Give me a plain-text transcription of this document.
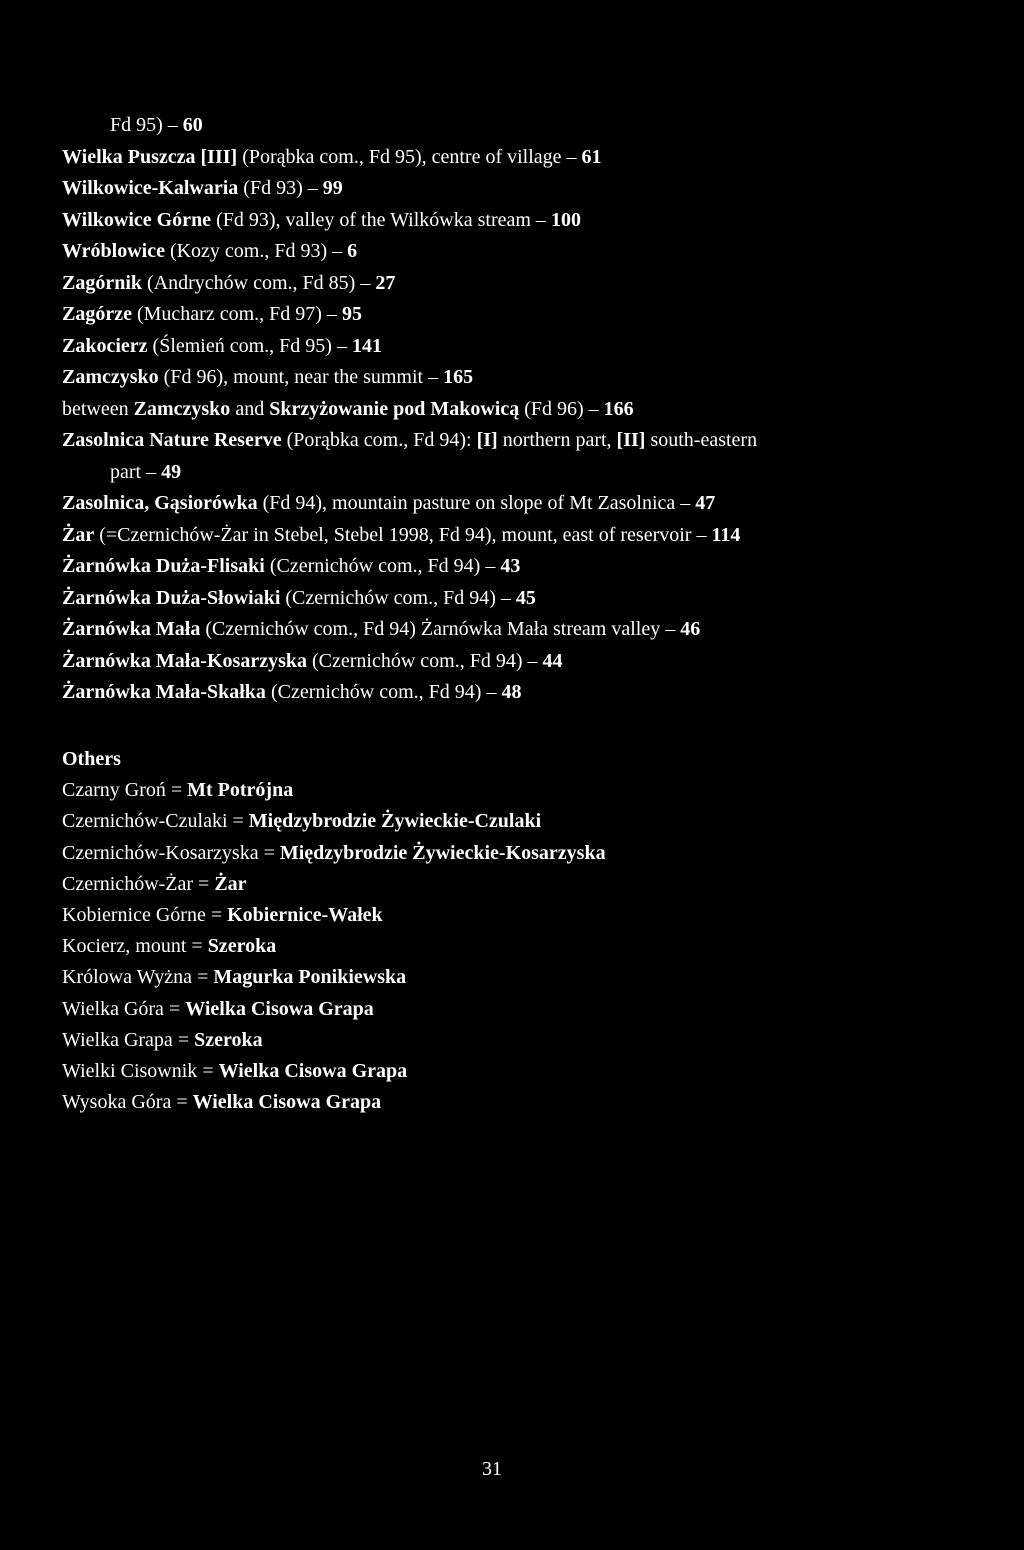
Fd 95) – 60
Wielka Puszcza [III] (Porąbka com., Fd 95), centre of village – 61
Wilkowice-Kalwaria (Fd 93) – 99
Wilkowice Górne (Fd 93), valley of the Wilkówka stream – 100
Wróblowice (Kozy com., Fd 93) – 6
Zagórnik (Andrychów com., Fd 85) – 27
Zagórze (Mucharz com., Fd 97) – 95
Zakocierz (Ślemień com., Fd 95) – 141
Zamczysko (Fd 96), mount, near the summit – 165
between Zamczysko and Skrzyżowanie pod Makowicą (Fd 96) – 166
Zasolnica Nature Reserve (Porąbka com., Fd 94): [I] northern part, [II] south-eastern
part – 49
Zasolnica, Gąsiorówka (Fd 94), mountain pasture on slope of Mt Zasolnica – 47
Żar (=Czernichów-Żar in Stebel, Stebel 1998, Fd 94), mount, east of reservoir – 114
Żarnówka Duża-Flisaki (Czernichów com., Fd 94) – 43
Żarnówka Duża-Słowiaki (Czernichów com., Fd 94) – 45
Żarnówka Mała (Czernichów com., Fd 94) Żarnówka Mała stream valley – 46
Żarnówka Mała-Kosarzyska (Czernichów com., Fd 94) – 44
Żarnówka Mała-Skałka (Czernichów com., Fd 94) – 48
Others
Czarny Groń = Mt Potrójna
Czernichów-Czulaki = Międzybrodzie Żywieckie-Czulaki
Czernichów-Kosarzyska = Międzybrodzie Żywieckie-Kosarzyska
Czernichów-Żar = Żar
Kobiernice Górne = Kobiernice-Wałek
Kocierz, mount = Szeroka
Królowa Wyżna = Magurka Ponikiewska
Wielka Góra = Wielka Cisowa Grapa
Wielka Grapa = Szeroka
Wielki Cisownik = Wielka Cisowa Grapa
Wysoka Góra = Wielka Cisowa Grapa
31
